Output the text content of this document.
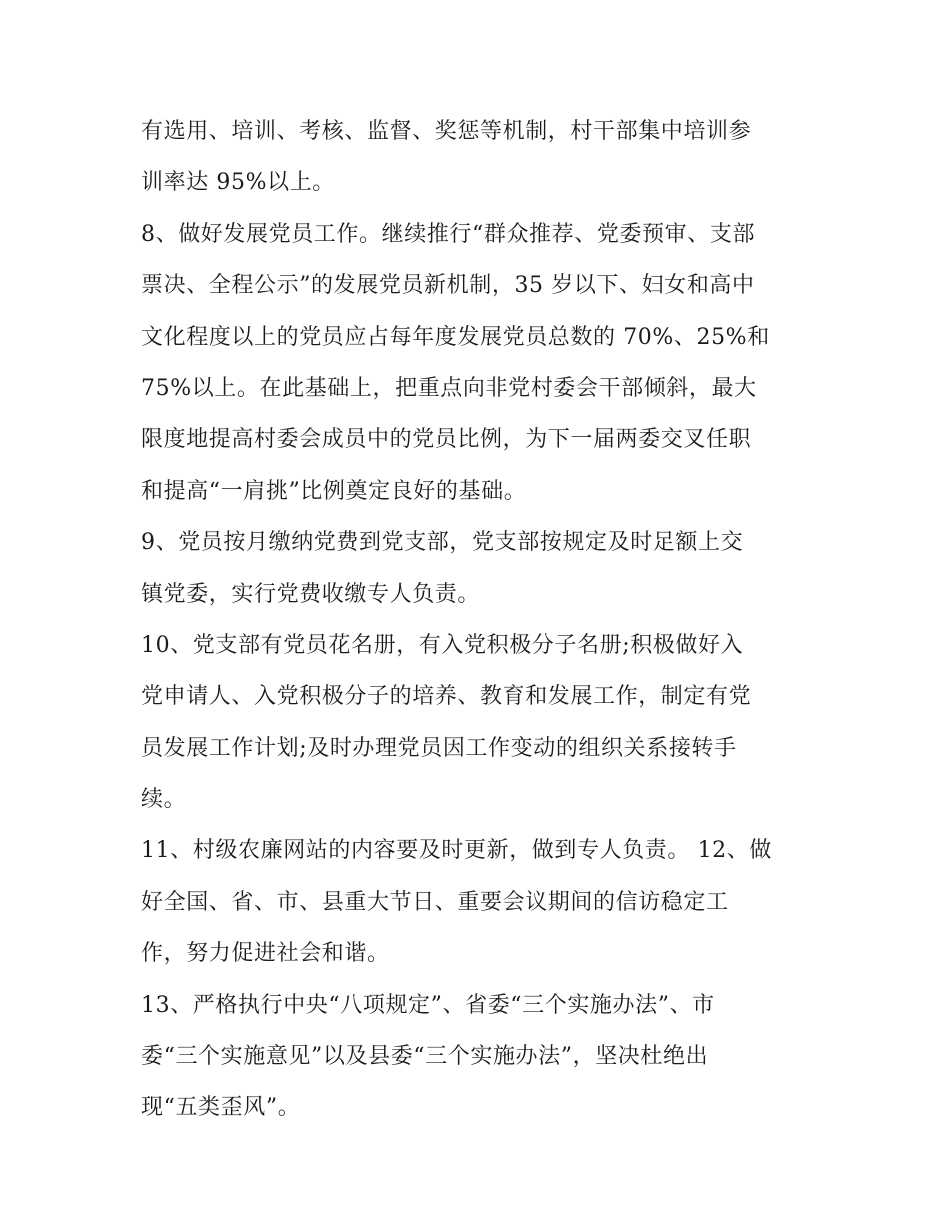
有选用、培训、考核、监督、奖惩等机制，村干部集中培训参
训率达 95%以上。
8、做好发展党员工作。继续推行“群众推荐、党委预审、支部
票决、全程公示”的发展党员新机制，35 岁以下、妇女和高中
文化程度以上的党员应占每年度发展党员总数的 70%、25%和
75%以上。在此基础上，把重点向非党村委会干部倾斜，最大
限度地提高村委会成员中的党员比例，为下一届两委交叉任职
和提高“一肩挑”比例奠定良好的基础。
9、党员按月缴纳党费到党支部，党支部按规定及时足额上交
镇党委，实行党费收缴专人负责。
10、党支部有党员花名册，有入党积极分子名册;积极做好入
党申请人、入党积极分子的培养、教育和发展工作，制定有党
员发展工作计划;及时办理党员因工作变动的组织关系接转手
续。
11、村级农廉网站的内容要及时更新，做到专人负责。 12、做
好全国、省、市、县重大节日、重要会议期间的信访稳定工
作，努力促进社会和谐。
13、严格执行中央“八项规定”、省委“三个实施办法”、市
委“三个实施意见”以及县委“三个实施办法”，坚决杜绝出
现“五类歪风”。
